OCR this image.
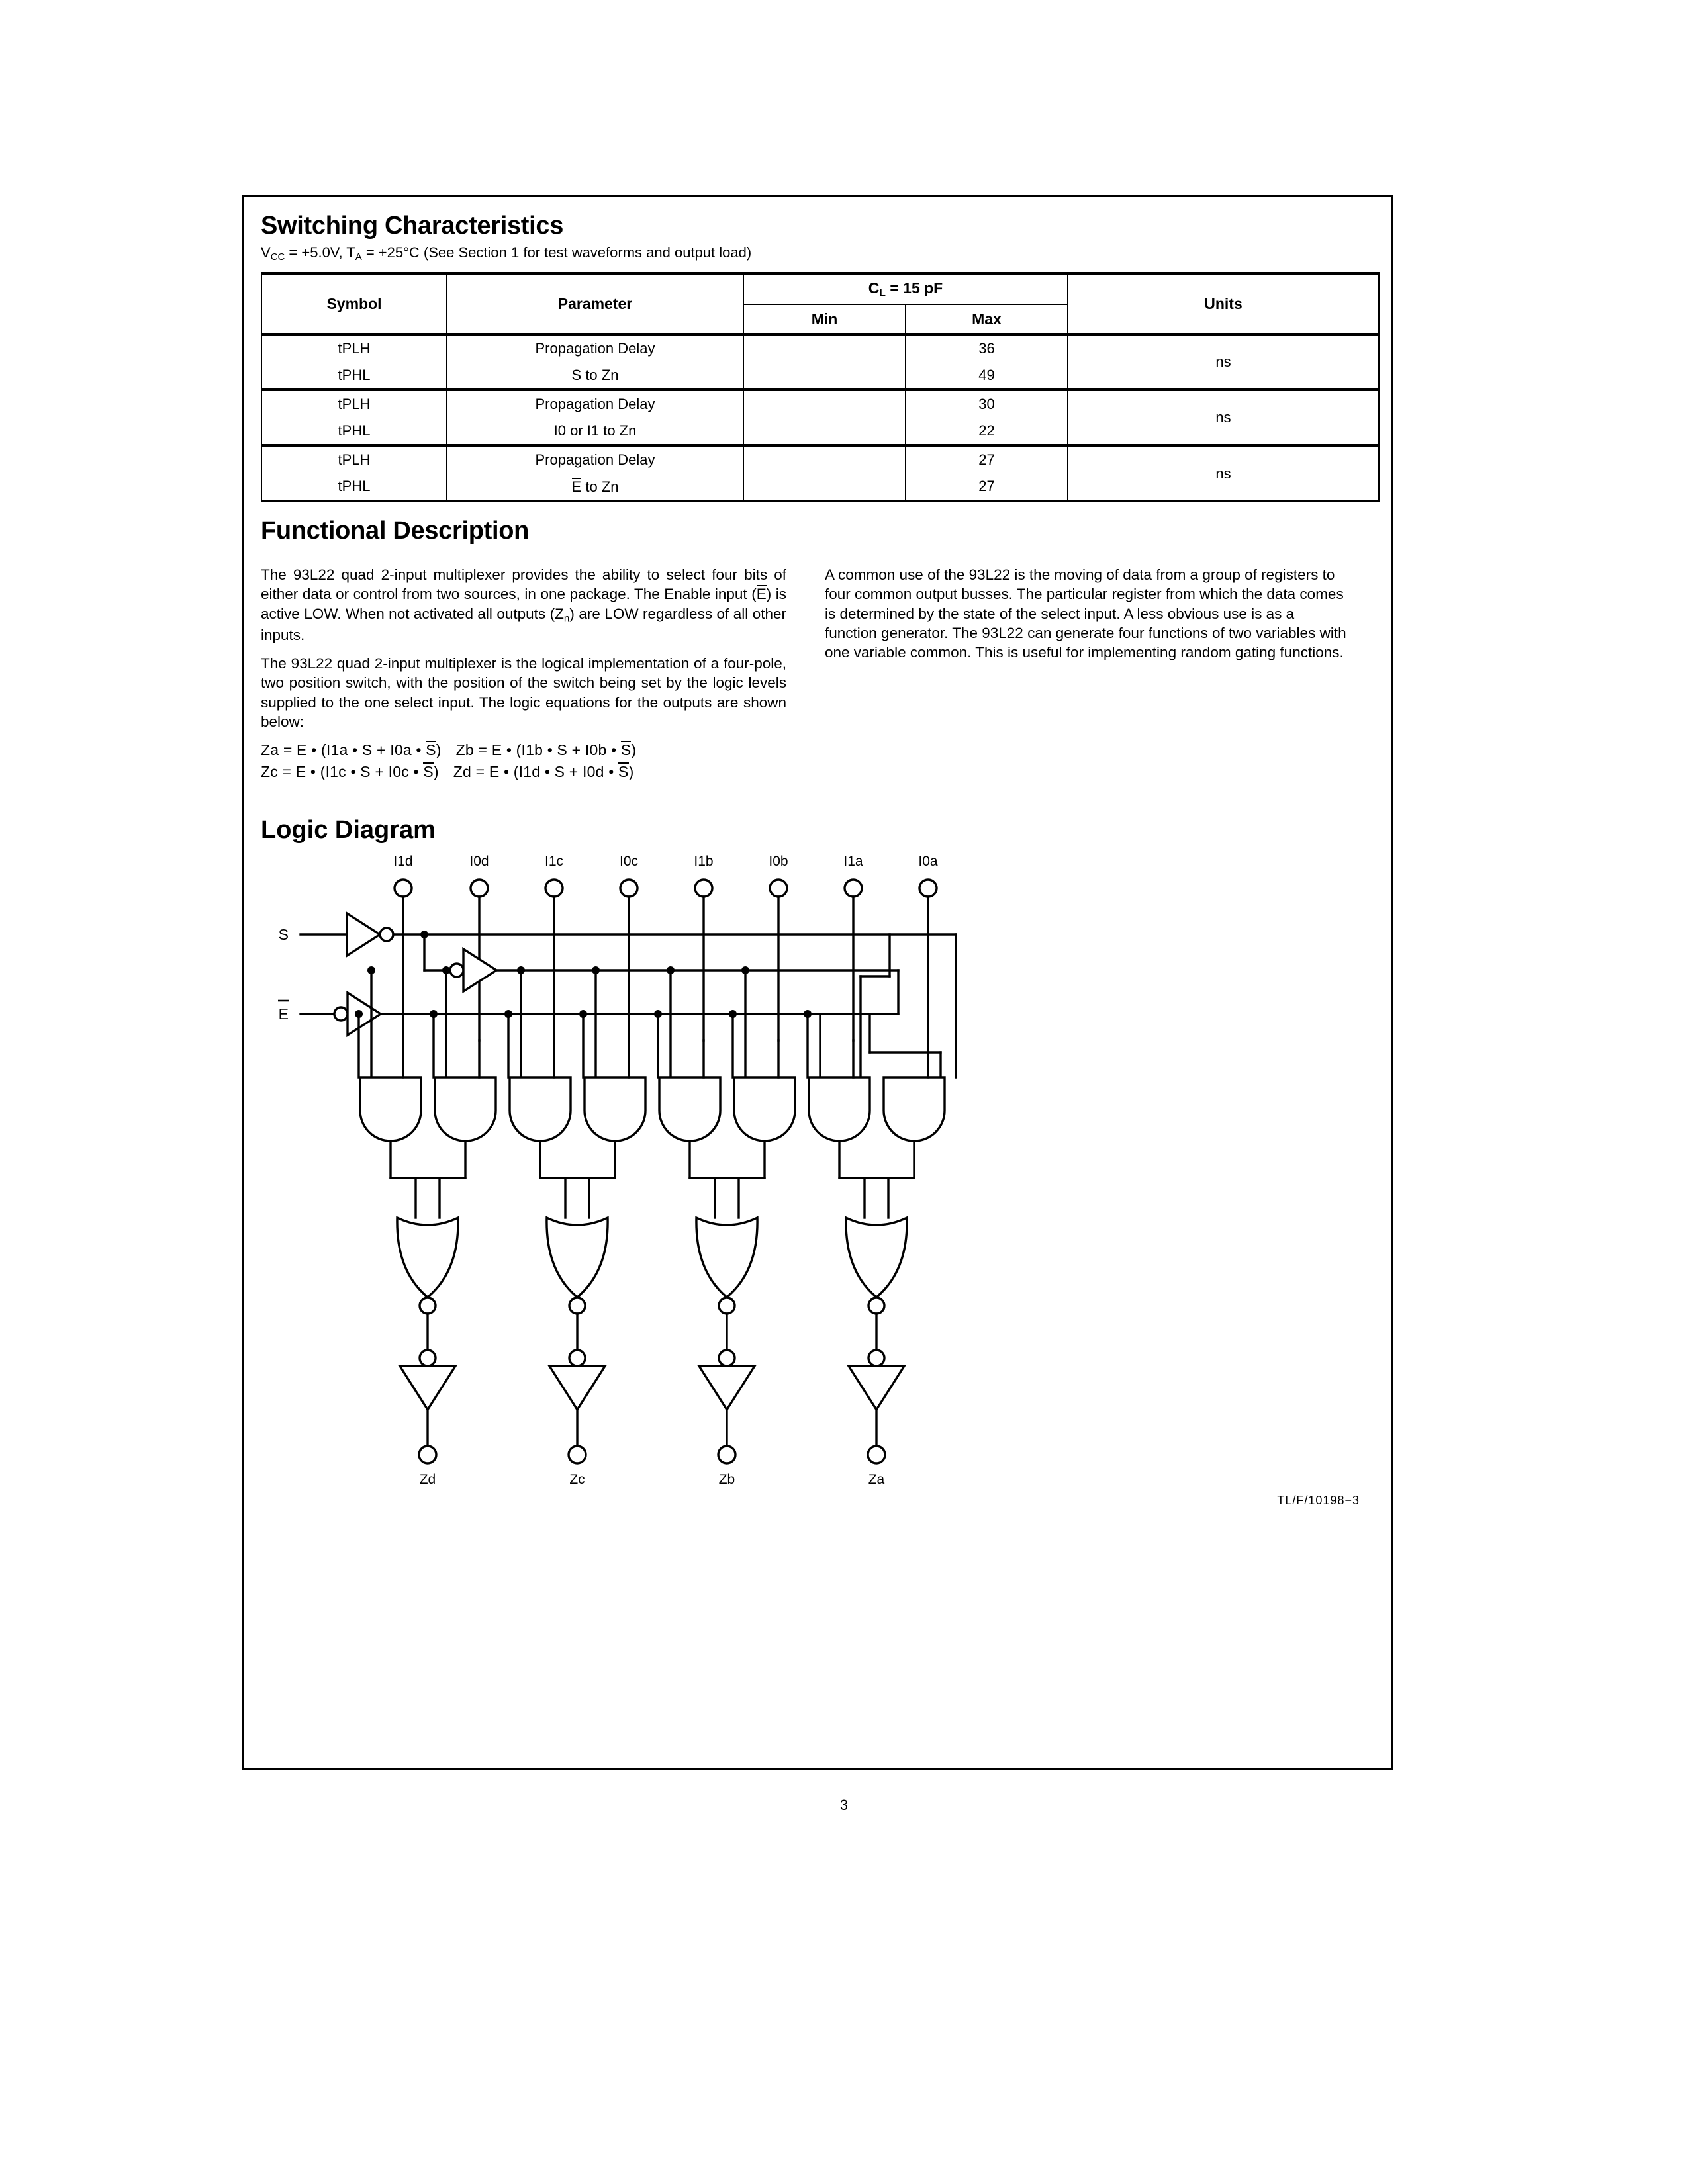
Switching Characteristics

$V_{CC} = +5.0V$, $T_A = +25^\circ C$ (See Section 1 for test waveforms and output load)

Symbol	Parameter	$C_L = 15$ pF		Units
		Min	Max	
tPLH	Propagation Delay		36	ns
tPHL	S to Zn		49	
tPLH	Propagation Delay		30	ns
tPHL	I0 or I1 to Zn		22	
tPLH	Propagation Delay		27	ns
tPHL	E to Zn		27	
Functional Description

The 93L22 quad 2-input multiplexer provides the ability to select four bits of either data or control from two sources, in one package. The Enable input (E) is active LOW. When not activated all outputs $(Z_n)$ are LOW regardless of all other inputs.

The 93L22 quad 2-input multiplexer is the logical implementation of a four-pole, two position switch, with the position of the switch being set by the logic levels supplied to the one select input. The logic equations for the outputs are shown below:

Za = E • (I1a • S + I0a • S) Zb = E • (I1b • S + I0b • S)
Zc = E • (I1c • S + I0c • S) Zd = E • (I1d • S + I0d • S)

A common use of the 93L22 is the moving of data from a group of registers to four common output busses. The particular register from which the data comes is determined by the state of the select input. A less obvious use is as a function generator. The 93L22 can generate four functions of two variables with one variable common. This is useful for implementing random gating functions.

Logic Diagram
I1d	I0d	I1c	I0c	I1b	I0b	I1a	I0a
S
E
Zd	Zc	Zb	Za
TL/F/10198−3
3
